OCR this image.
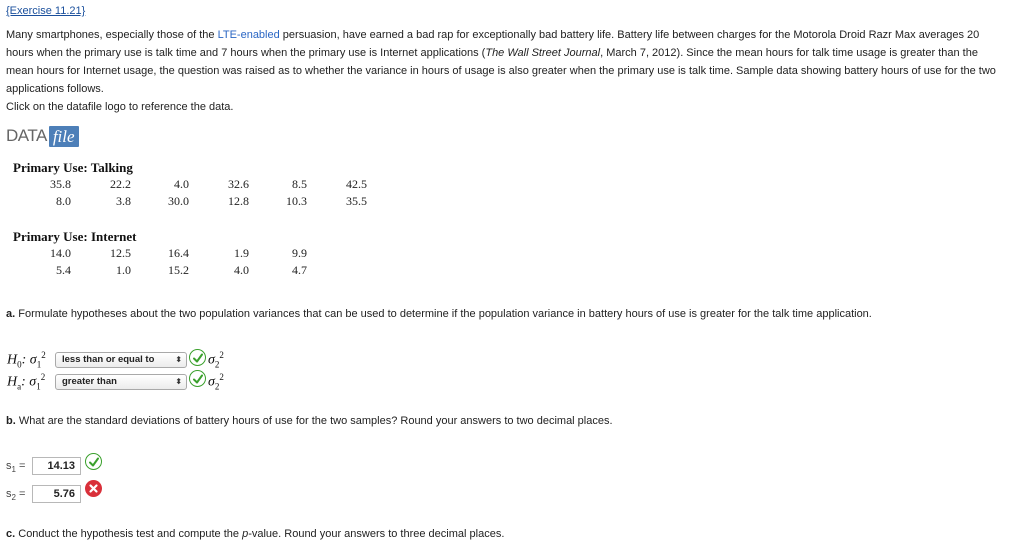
{Exercise 11.21}
Many smartphones, especially those of the LTE-enabled persuasion, have earned a bad rap for exceptionally bad battery life. Battery life between charges for the Motorola Droid Razr Max averages 20 hours when the primary use is talk time and 7 hours when the primary use is Internet applications (The Wall Street Journal, March 7, 2012). Since the mean hours for talk time usage is greater than the mean hours for Internet usage, the question was raised as to whether the variance in hours of usage is also greater when the primary use is talk time. Sample data showing battery hours of use for the two applications follows.
Click on the datafile logo to reference the data.
DATA file
Primary Use: Talking
35.8	22.2	4.0	32.6	8.5	42.5
8.0	3.8	30.0	12.8	10.3	35.5
Primary Use: Internet
14.0	12.5	16.4	1.9	9.9
5.4	1.0	15.2	4.0	4.7
a. Formulate hypotheses about the two population variances that can be used to determine if the population variance in battery hours of use is greater for the talk time application.
$H_0$: $\sigma_1^2$	less than or equal to	⬍ $\sigma_2^2$
$H_a$: $\sigma_1^2$	greater than	⬍ $\sigma_2^2$
b. What are the standard deviations of battery hours of use for the two samples? Round your answers to two decimal places.
$s_1$ =	14.13
$s_2$ =	5.76
c. Conduct the hypothesis test and compute the p-value. Round your answers to three decimal places.
